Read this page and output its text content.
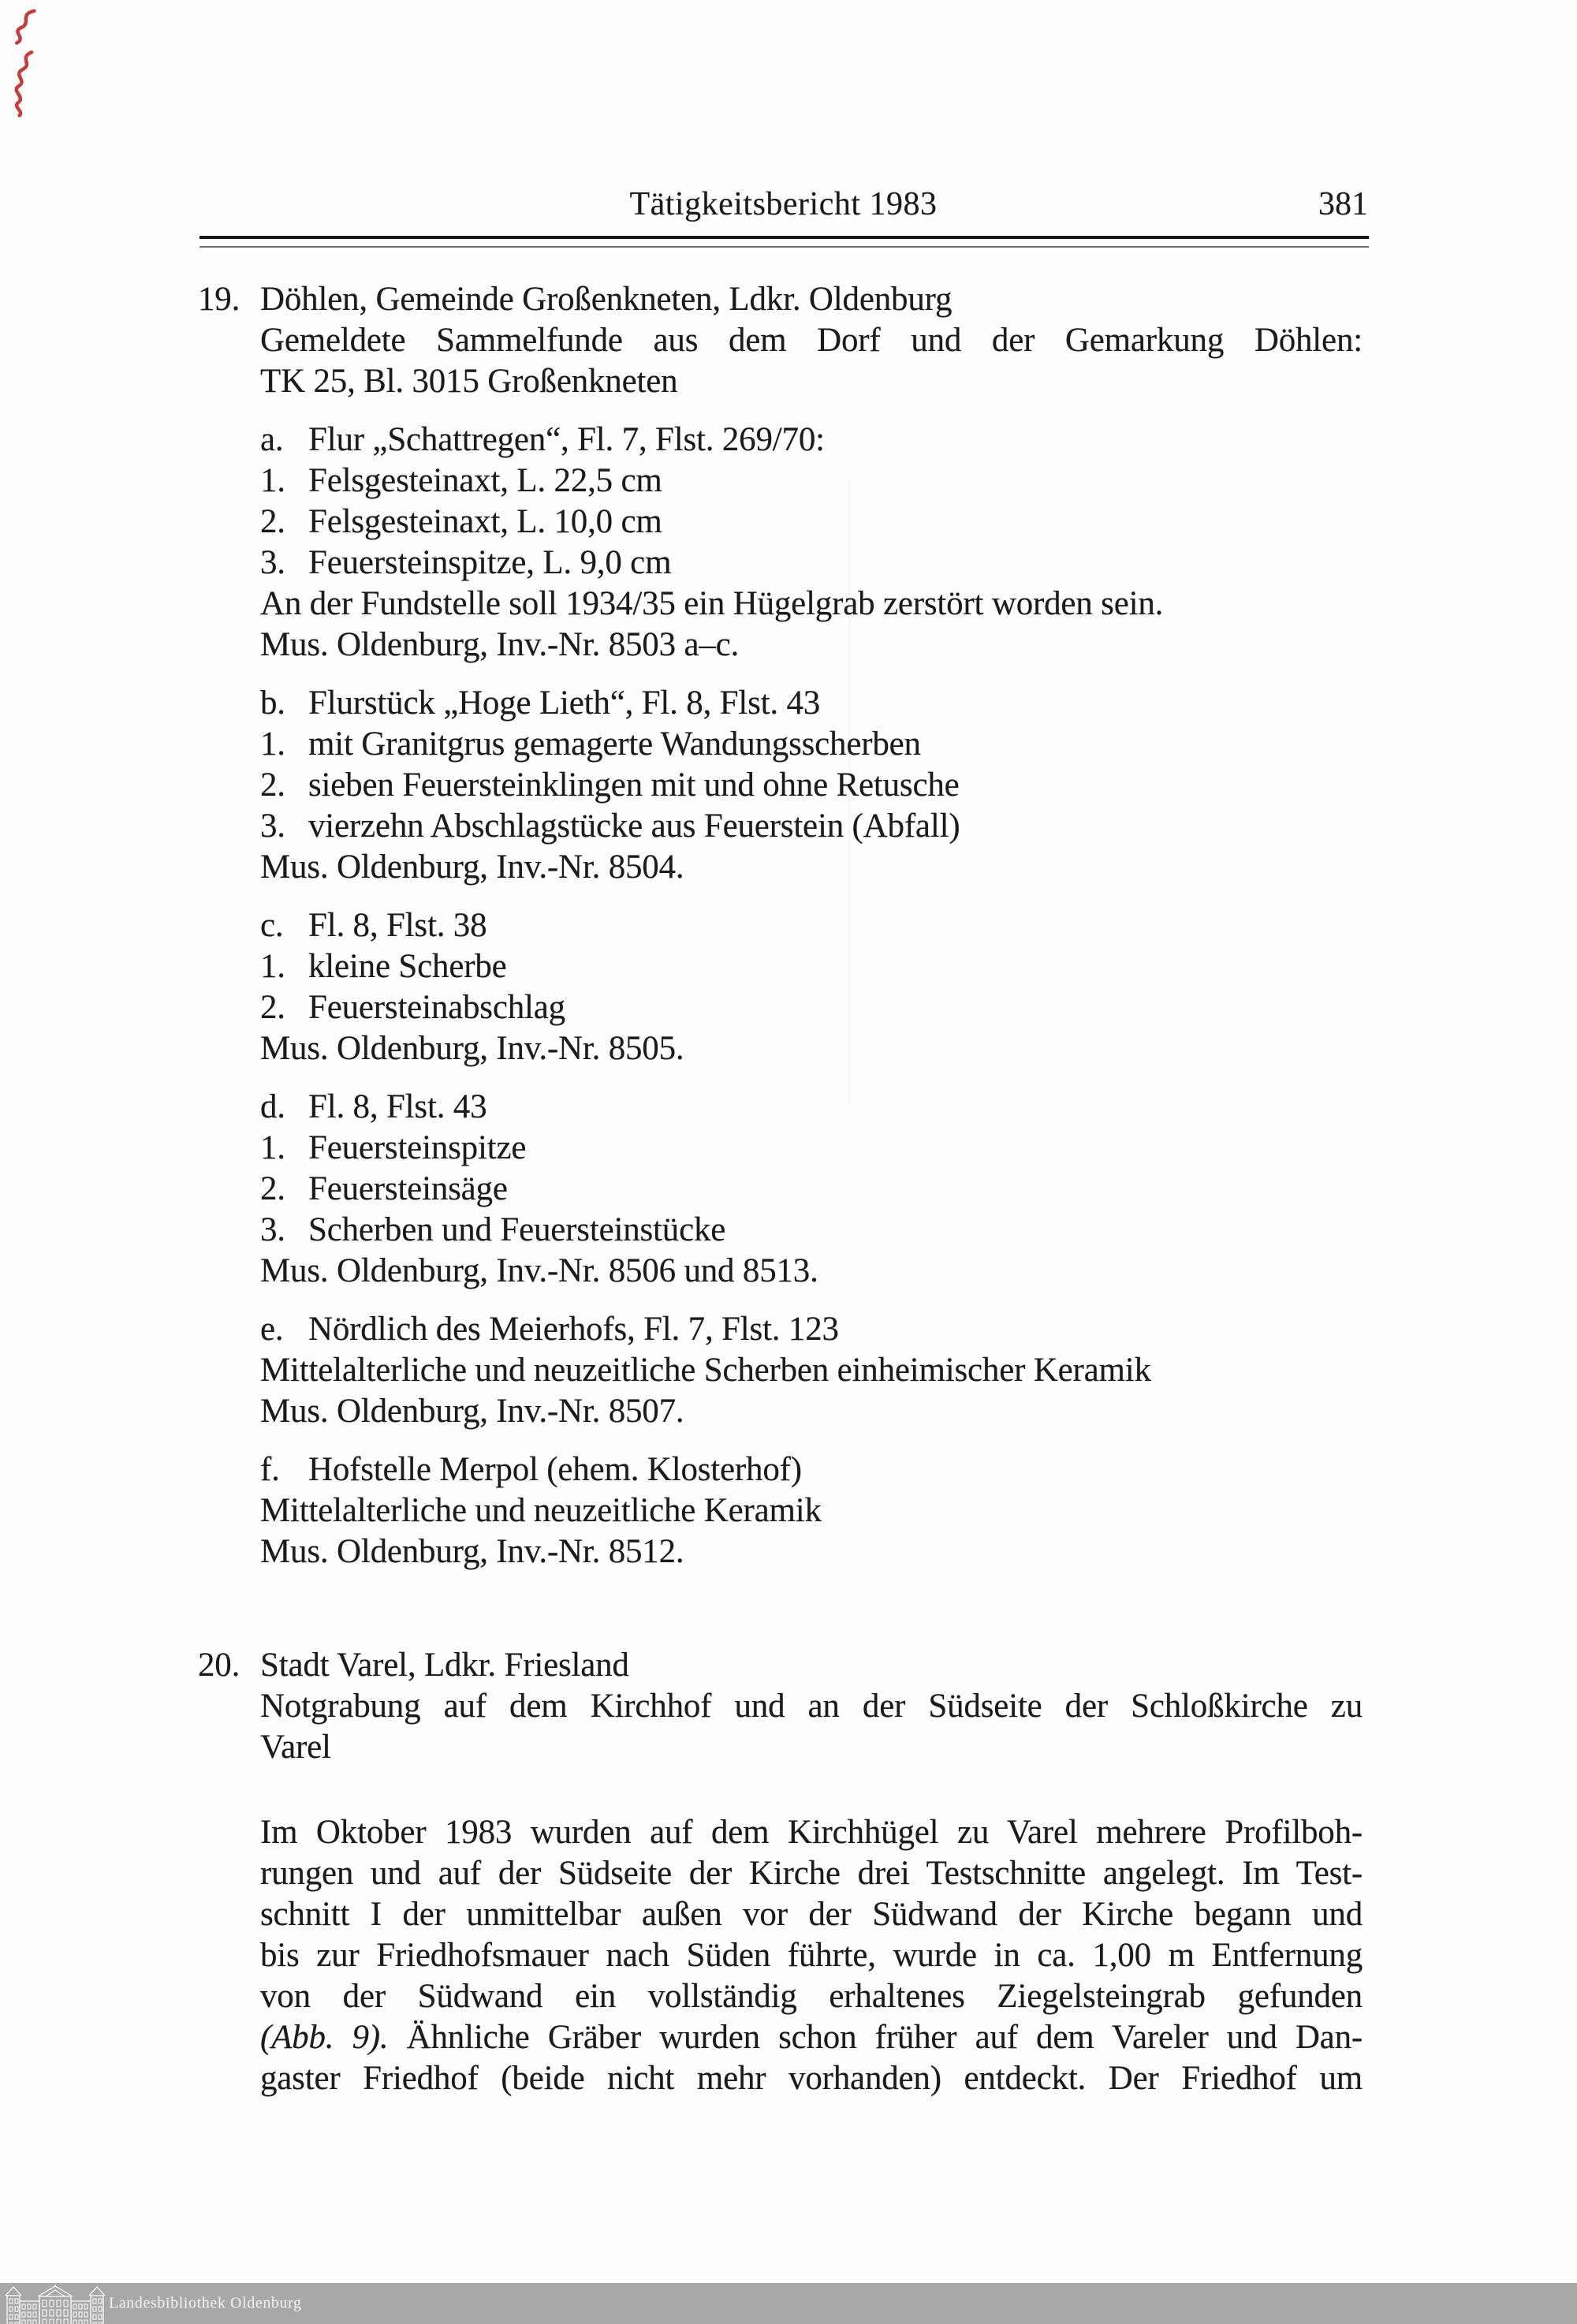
Tätigkeitsbericht 1983	381
19. Döhlen, Gemeinde Großenkneten, Ldkr. Oldenburg
Gemeldete Sammelfunde aus dem Dorf und der Gemarkung Döhlen:
TK 25, Bl. 3015 Großenkneten
a. Flur „Schattregen“, Fl. 7, Flst. 269/70:
1. Felsgesteinaxt, L. 22,5 cm
2. Felsgesteinaxt, L. 10,0 cm
3. Feuersteinspitze, L. 9,0 cm
An der Fundstelle soll 1934/35 ein Hügelgrab zerstört worden sein.
Mus. Oldenburg, Inv.-Nr. 8503 a–c.
b. Flurstück „Hoge Lieth“, Fl. 8, Flst. 43
1. mit Granitgrus gemagerte Wandungsscherben
2. sieben Feuersteinklingen mit und ohne Retusche
3. vierzehn Abschlagstücke aus Feuerstein (Abfall)
Mus. Oldenburg, Inv.-Nr. 8504.
c. Fl. 8, Flst. 38
1. kleine Scherbe
2. Feuersteinabschlag
Mus. Oldenburg, Inv.-Nr. 8505.
d. Fl. 8, Flst. 43
1. Feuersteinspitze
2. Feuersteinsäge
3. Scherben und Feuersteinstücke
Mus. Oldenburg, Inv.-Nr. 8506 und 8513.
e. Nördlich des Meierhofs, Fl. 7, Flst. 123
Mittelalterliche und neuzeitliche Scherben einheimischer Keramik
Mus. Oldenburg, Inv.-Nr. 8507.
f. Hofstelle Merpol (ehem. Klosterhof)
Mittelalterliche und neuzeitliche Keramik
Mus. Oldenburg, Inv.-Nr. 8512.
20. Stadt Varel, Ldkr. Friesland
Notgrabung auf dem Kirchhof und an der Südseite der Schloßkirche zu
Varel
Im Oktober 1983 wurden auf dem Kirchhügel zu Varel mehrere Profilboh-
rungen und auf der Südseite der Kirche drei Testschnitte angelegt. Im Test-
schnitt I der unmittelbar außen vor der Südwand der Kirche begann und
bis zur Friedhofsmauer nach Süden führte, wurde in ca. 1,00 m Entfernung
von der Südwand ein vollständig erhaltenes Ziegelsteingrab gefunden
(Abb. 9). Ähnliche Gräber wurden schon früher auf dem Vareler und Dan-
gaster Friedhof (beide nicht mehr vorhanden) entdeckt. Der Friedhof um
Landesbibliothek Oldenburg
